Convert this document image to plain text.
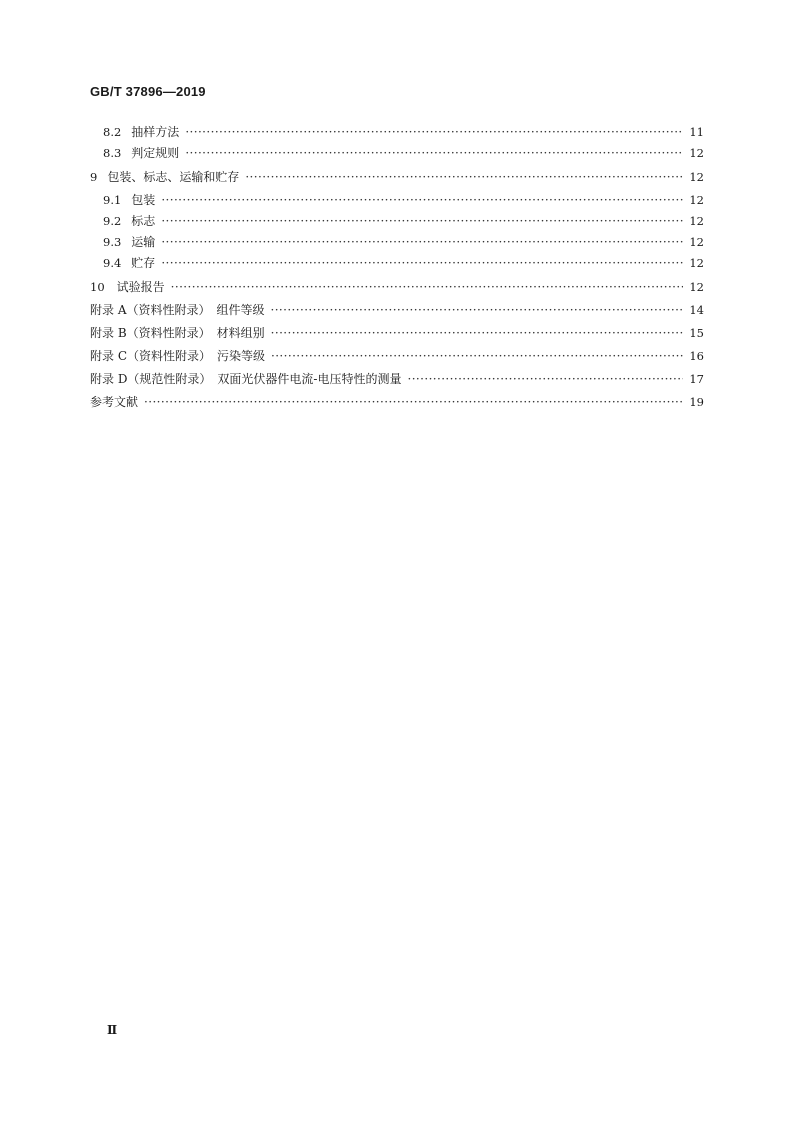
GB/T 37896—2019
8.2 抽样方法 ·····	11
8.3 判定规则 ·····	12
9 包装、标志、运输和贮存 ·····	12
9.1 包装 ·····	12
9.2 标志 ·····	12
9.3 运输 ·····	12
9.4 贮存 ·····	12
10 试验报告 ·····	12
附录 A（资料性附录）　组件等级 ·····	14
附录 B（资料性附录）　材料组别 ·····	15
附录 C（资料性附录）　污染等级 ·····	16
附录 D（规范性附录）　双面光伏器件电流-电压特性的测量 ·····	17
参考文献 ·····	19
Ⅱ
